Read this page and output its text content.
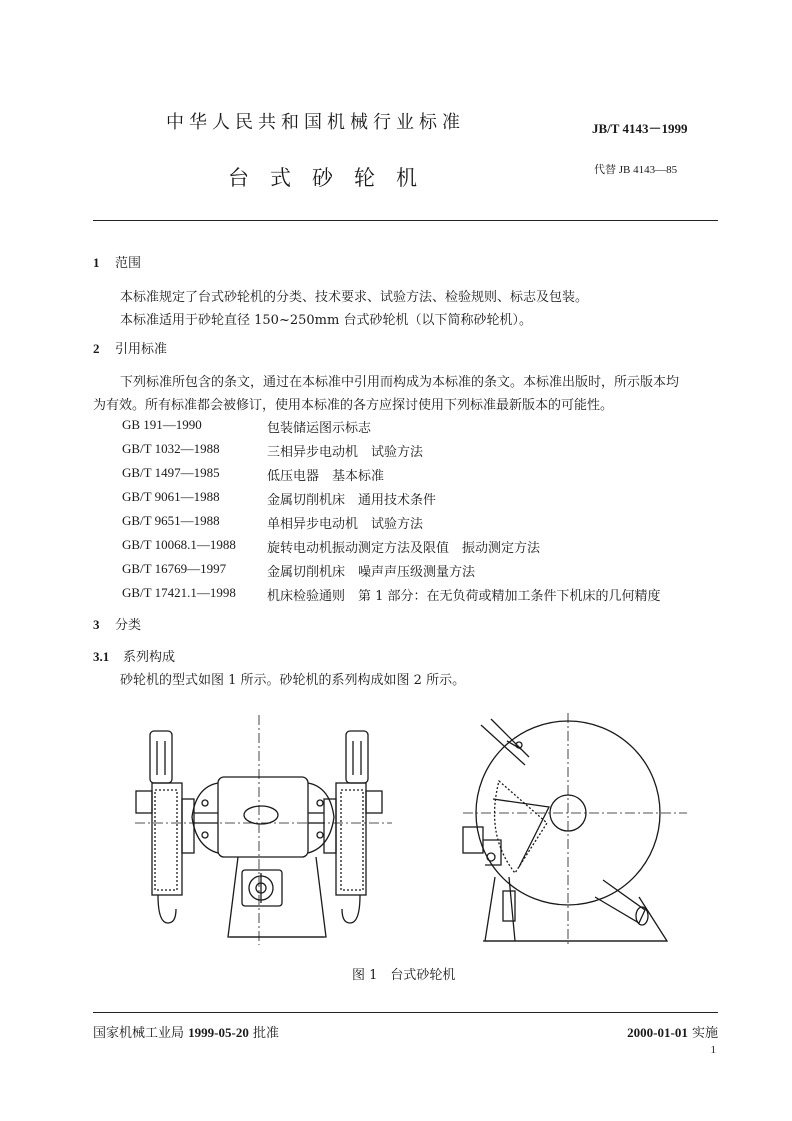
中华人民共和国机械行业标准	JB/T 4143－1999
台式砂轮机	代替 JB 4143—85
1 范围
本标准规定了台式砂轮机的分类、技术要求、试验方法、检验规则、标志及包装。
本标准适用于砂轮直径 150~250mm 台式砂轮机（以下简称砂轮机）。
2 引用标准
下列标准所包含的条文，通过在本标准中引用而构成为本标准的条文。本标准出版时，所示版本均
为有效。所有标准都会被修订，使用本标准的各方应探讨使用下列标准最新版本的可能性。
GB 191—1990	包装储运图示标志
GB/T 1032—1988	三相异步电动机　试验方法
GB/T 1497—1985	低压电器　基本标准
GB/T 9061—1988	金属切削机床　通用技术条件
GB/T 9651—1988	单相异步电动机　试验方法
GB/T 10068.1—1988 旋转电动机振动测定方法及限值　振动测定方法
GB/T 16769—1997	金属切削机床　噪声声压级测量方法
GB/T 17421.1—1998 机床检验通则　第 1 部分：在无负荷或精加工条件下机床的几何精度
3 分类
3.1 系列构成
砂轮机的型式如图 1 所示。砂轮机的系列构成如图 2 所示。
图 1　台式砂轮机
国家机械工业局 1999-05-20 批准	2000-01-01 实施
1
